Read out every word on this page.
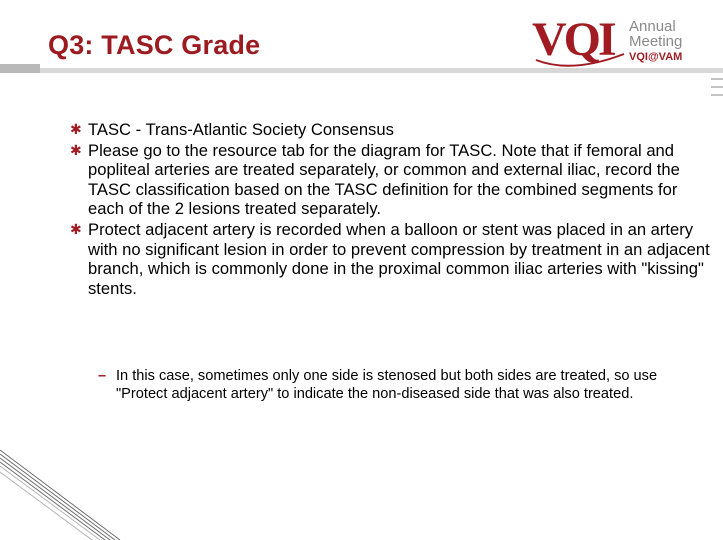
Q3: TASC Grade	VQI Annual
Meeting
VQI@VAM
✱ TASC - Trans-Atlantic Society Consensus
✱ Please go to the resource tab for the diagram for TASC. Note that if femoral and popliteal arteries are treated separately, or common and external iliac, record the TASC classification based on the TASC definition for the combined segments for each of the 2 lesions treated separately.
✱ Protect adjacent artery is recorded when a balloon or stent was placed in an artery with no significant lesion in order to prevent compression by treatment in an adjacent branch, which is commonly done in the proximal common iliac arteries with "kissing" stents.
– In this case, sometimes only one side is stenosed but both sides are treated, so use "Protect adjacent artery" to indicate the non-diseased side that was also treated.
